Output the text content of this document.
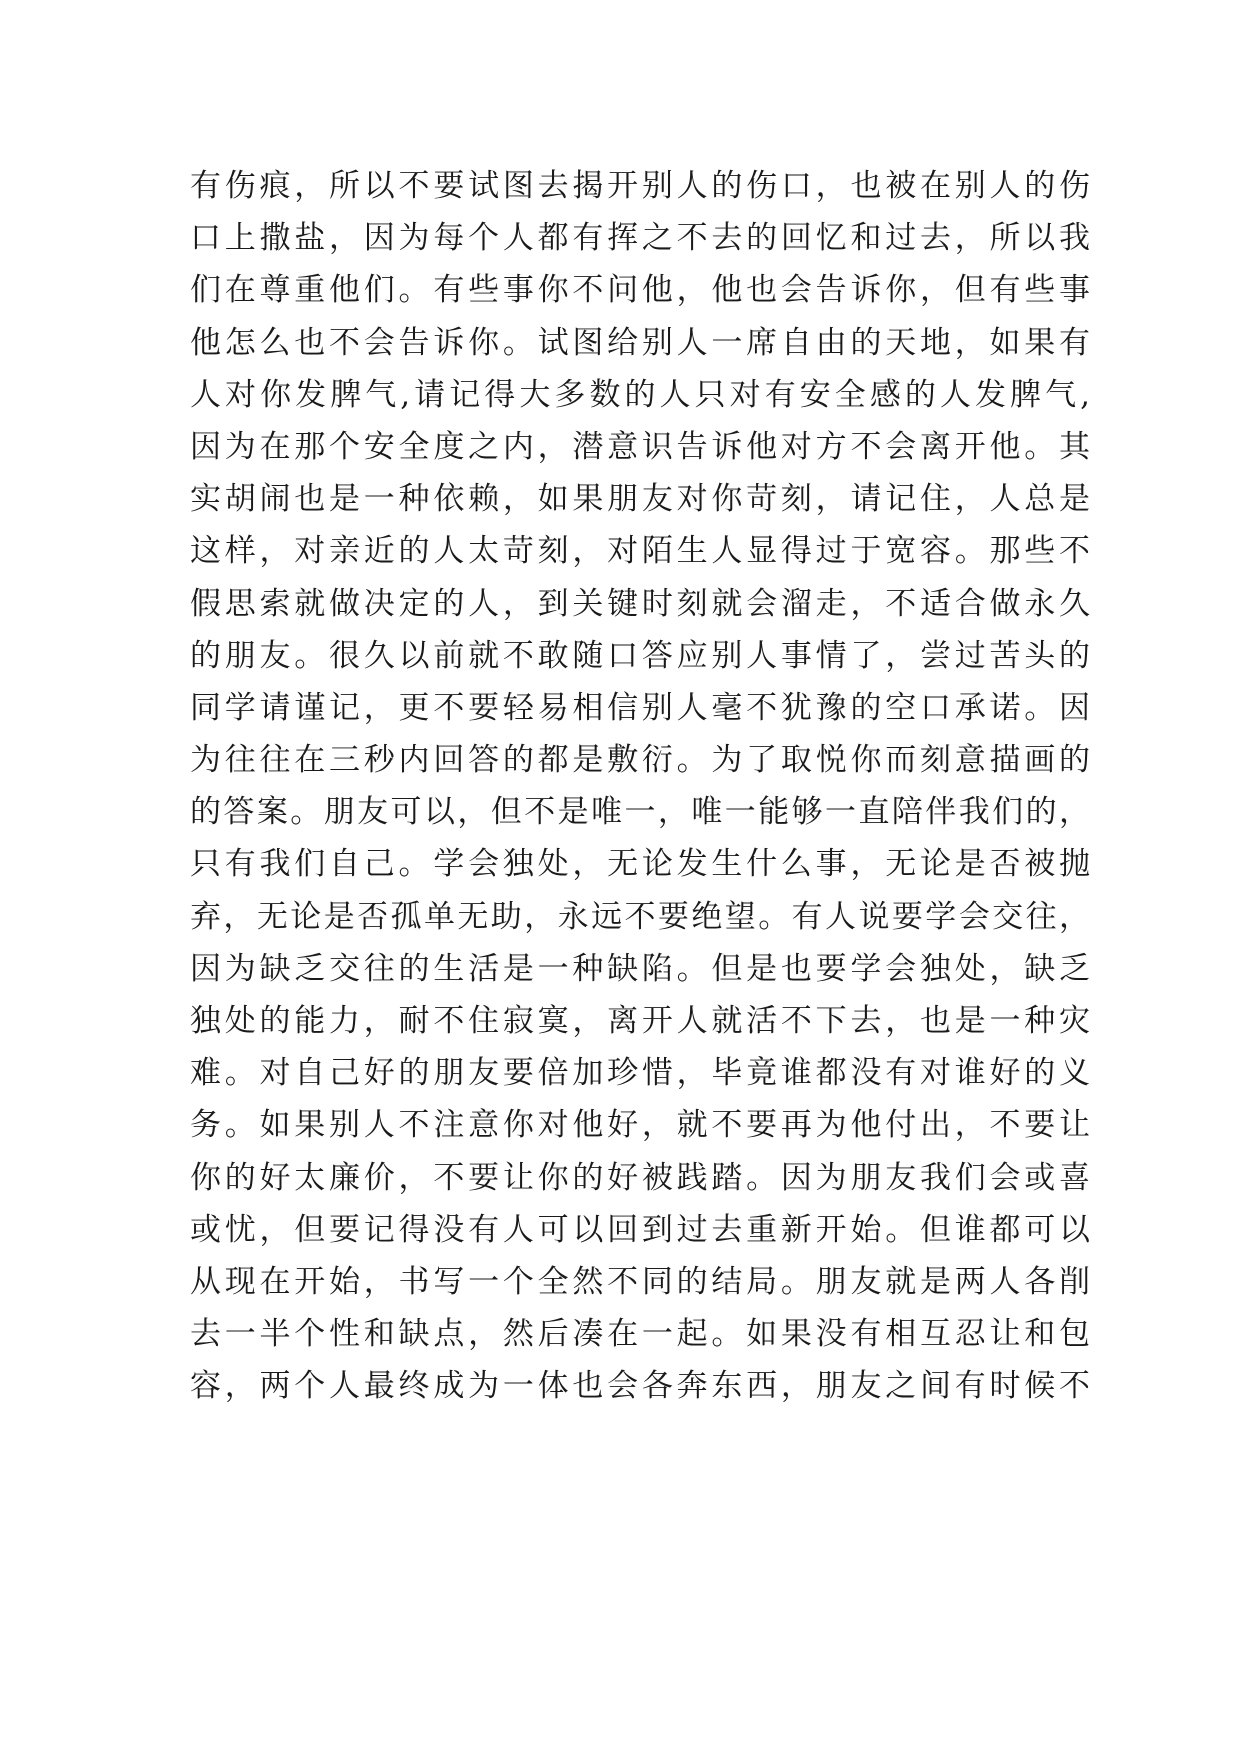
有伤痕，所以不要试图去揭开别人的伤口，也被在别人的伤
口上撒盐，因为每个人都有挥之不去的回忆和过去，所以我
们在尊重他们。有些事你不问他，他也会告诉你，但有些事
他怎么也不会告诉你。试图给别人一席自由的天地，如果有
人对你发脾气,请记得大多数的人只对有安全感的人发脾气,
因为在那个安全度之内，潜意识告诉他对方不会离开他。其
实胡闹也是一种依赖，如果朋友对你苛刻，请记住，人总是
这样，对亲近的人太苛刻，对陌生人显得过于宽容。那些不
假思索就做决定的人，到关键时刻就会溜走，不适合做永久
的朋友。很久以前就不敢随口答应别人事情了，尝过苦头的
同学请谨记，更不要轻易相信别人毫不犹豫的空口承诺。因
为往往在三秒内回答的都是敷衍。为了取悦你而刻意描画的
的答案。朋友可以，但不是唯一，唯一能够一直陪伴我们的，
只有我们自己。学会独处，无论发生什么事，无论是否被抛
弃，无论是否孤单无助，永远不要绝望。有人说要学会交往，
因为缺乏交往的生活是一种缺陷。但是也要学会独处，缺乏
独处的能力，耐不住寂寞，离开人就活不下去，也是一种灾
难。对自己好的朋友要倍加珍惜，毕竟谁都没有对谁好的义
务。如果别人不注意你对他好，就不要再为他付出，不要让
你的好太廉价，不要让你的好被践踏。因为朋友我们会或喜
或忧，但要记得没有人可以回到过去重新开始。但谁都可以
从现在开始，书写一个全然不同的结局。朋友就是两人各削
去一半个性和缺点，然后凑在一起。如果没有相互忍让和包
容，两个人最终成为一体也会各奔东西，朋友之间有时候不
